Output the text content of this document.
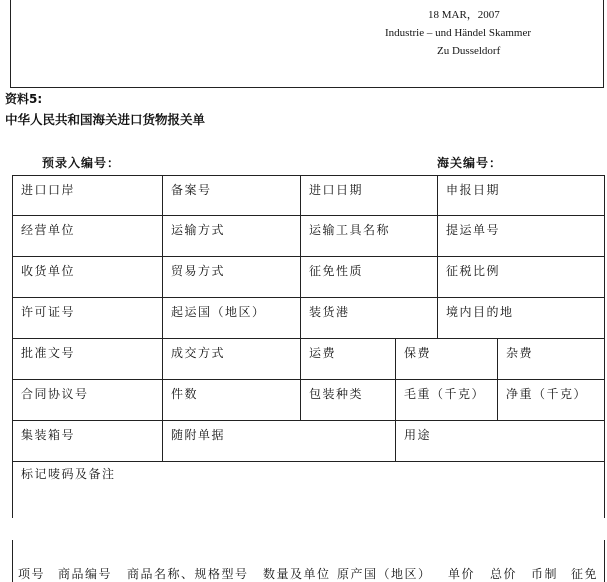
18 MAR，2007
Industrie – und Händel Skammer
Zu Dusseldorf
资料5:
中华人民共和国海关进口货物报关单
预录入编号：	海关编号：
进口口岸	备案号	进口日期	申报日期
经营单位	运输方式	运输工具名称	提运单号
收货单位	贸易方式	征免性质	征税比例
许可证号	起运国（地区）	装货港	境内目的地
批准文号	成交方式	运费	保费	杂费
合同协议号	件数	包装种类	毛重（千克）	净重（千克）
集装箱号	随附单据	用途
标记唛码及备注
项号 商品编号 商品名称、规格型号 数量及单位 原产国（地区） 单价 总价 币制 征免
